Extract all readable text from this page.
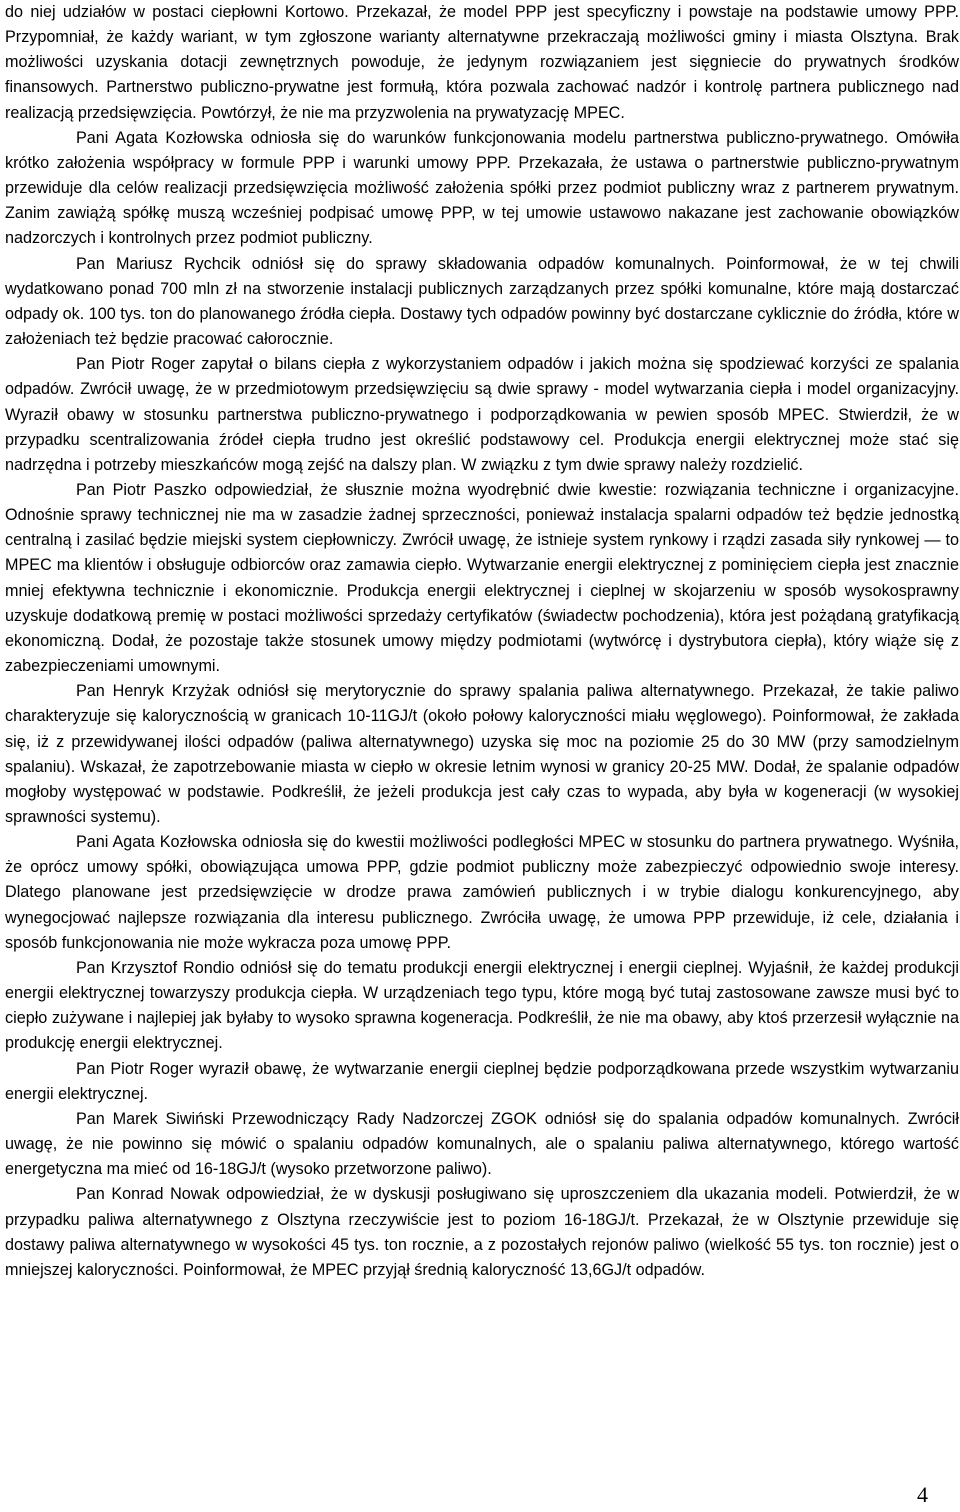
do niej udziałów w postaci ciepłowni Kortowo. Przekazał, że model PPP jest specyficzny i powstaje na podstawie umowy PPP. Przypomniał, że każdy wariant, w tym zgłoszone warianty alternatywne przekraczają możliwości gminy i miasta Olsztyna. Brak możliwości uzyskania dotacji zewnętrznych powoduje, że jedynym rozwiązaniem jest sięgniecie do prywatnych środków finansowych. Partnerstwo publiczno-prywatne jest formułą, która pozwala zachować nadzór i kontrolę partnera publicznego nad realizacją przedsięwzięcia. Powtórzył, że nie ma przyzwolenia na prywatyzację MPEC.

Pani Agata Kozłowska odniosła się do warunków funkcjonowania modelu partnerstwa publiczno-prywatnego. Omówiła krótko założenia współpracy w formule PPP i warunki umowy PPP. Przekazała, że ustawa o partnerstwie publiczno-prywatnym przewiduje dla celów realizacji przedsięwzięcia możliwość założenia spółki przez podmiot publiczny wraz z partnerem prywatnym. Zanim zawiążą spółkę muszą wcześniej podpisać umowę PPP, w tej umowie ustawowo nakazane jest zachowanie obowiązków nadzorczych i kontrolnych przez podmiot publiczny.

Pan Mariusz Rychcik odniósł się do sprawy składowania odpadów komunalnych. Poinformował, że w tej chwili wydatkowano ponad 700 mln zł na stworzenie instalacji publicznych zarządzanych przez spółki komunalne, które mają dostarczać odpady ok. 100 tys. ton do planowanego źródła ciepła. Dostawy tych odpadów powinny być dostarczane cyklicznie do źródła, które w założeniach też będzie pracować całorocznie.

Pan Piotr Roger zapytał o bilans ciepła z wykorzystaniem odpadów i jakich można się spodziewać korzyści ze spalania odpadów. Zwrócił uwagę, że w przedmiotowym przedsięwzięciu są dwie sprawy - model wytwarzania ciepła i model organizacyjny. Wyraził obawy w stosunku partnerstwa publiczno-prywatnego i podporządkowania w pewien sposób MPEC. Stwierdził, że w przypadku scentralizowania źródeł ciepła trudno jest określić podstawowy cel. Produkcja energii elektrycznej może stać się nadrzędna i potrzeby mieszkańców mogą zejść na dalszy plan. W związku z tym dwie sprawy należy rozdzielić.

Pan Piotr Paszko odpowiedział, że słusznie można wyodrębnić dwie kwestie: rozwiązania techniczne i organizacyjne. Odnośnie sprawy technicznej nie ma w zasadzie żadnej sprzeczności, ponieważ instalacja spalarni odpadów też będzie jednostką centralną i zasilać będzie miejski system ciepłowniczy. Zwrócił uwagę, że istnieje system rynkowy i rządzi zasada siły rynkowej — to MPEC ma klientów i obsługuje odbiorców oraz zamawia ciepło. Wytwarzanie energii elektrycznej z pominięciem ciepła jest znacznie mniej efektywna technicznie i ekonomicznie. Produkcja energii elektrycznej i cieplnej w skojarzeniu w sposób wysokosprawny uzyskuje dodatkową premię w postaci możliwości sprzedaży certyfikatów (świadectw pochodzenia), która jest pożądaną gratyfikacją ekonomiczną. Dodał, że pozostaje także stosunek umowy między podmiotami (wytwórcę i dystrybutora ciepła), który wiąże się z zabezpieczeniami umownymi.

Pan Henryk Krzyżak odniósł się merytorycznie do sprawy spalania paliwa alternatywnego. Przekazał, że takie paliwo charakteryzuje się kalorycznością w granicach 10-11GJ/t (około połowy kaloryczności miału węglowego). Poinformował, że zakłada się, iż z przewidywanej ilości odpadów (paliwa alternatywnego) uzyska się moc na poziomie 25 do 30 MW (przy samodzielnym spalaniu). Wskazał, że zapotrzebowanie miasta w ciepło w okresie letnim wynosi w granicy 20-25 MW. Dodał, że spalanie odpadów mogłoby występować w podstawie. Podkreślił, że jeżeli produkcja jest cały czas to wypada, aby była w kogeneracji (w wysokiej sprawności systemu).

Pani Agata Kozłowska odniosła się do kwestii możliwości podległości MPEC w stosunku do partnera prywatnego. Wyśniła, że oprócz umowy spółki, obowiązująca umowa PPP, gdzie podmiot publiczny może zabezpieczyć odpowiednio swoje interesy. Dlatego planowane jest przedsięwzięcie w drodze prawa zamówień publicznych i w trybie dialogu konkurencyjnego, aby wynegocjować najlepsze rozwiązania dla interesu publicznego. Zwróciła uwagę, że umowa PPP przewiduje, iż cele, działania i sposób funkcjonowania nie może wykracza poza umowę PPP.

Pan Krzysztof Rondio odniósł się do tematu produkcji energii elektrycznej i energii cieplnej. Wyjaśnił, że każdej produkcji energii elektrycznej towarzyszy produkcja ciepła. W urządzeniach tego typu, które mogą być tutaj zastosowane zawsze musi być to ciepło zużywane i najlepiej jak byłaby to wysoko sprawna kogeneracja. Podkreślił, że nie ma obawy, aby ktoś przerzesił wyłącznie na produkcję energii elektrycznej.

Pan Piotr Roger wyraził obawę, że wytwarzanie energii cieplnej będzie podporządkowana przede wszystkim wytwarzaniu energii elektrycznej.

Pan Marek Siwiński Przewodniczący Rady Nadzorczej ZGOK odniósł się do spalania odpadów komunalnych. Zwrócił uwagę, że nie powinno się mówić o spalaniu odpadów komunalnych, ale o spalaniu paliwa alternatywnego, którego wartość energetyczna ma mieć od 16-18GJ/t (wysoko przetworzone paliwo).

Pan Konrad Nowak odpowiedział, że w dyskusji posługiwano się uproszczeniem dla ukazania modeli. Potwierdził, że w przypadku paliwa alternatywnego z Olsztyna rzeczywiście jest to poziom 16-18GJ/t. Przekazał, że w Olsztynie przewiduje się dostawy paliwa alternatywnego w wysokości 45 tys. ton rocznie, a z pozostałych rejonów paliwo (wielkość 55 tys. ton rocznie) jest o mniejszej kaloryczności. Poinformował, że MPEC przyjął średnią kaloryczność 13,6GJ/t odpadów.

4
